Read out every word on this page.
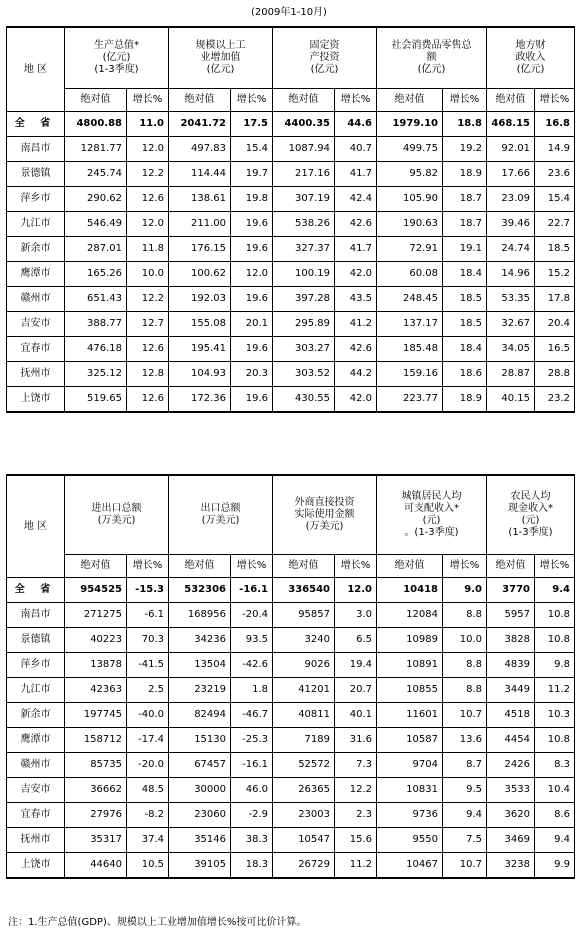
(2009年1-10月)
地 区	生产总值*
(亿元)
(1-3季度)		规模以上工
业增加值
(亿元)		固定资
产投资
(亿元)		社会消费品零售总
额
(亿元)		地方财
政收入
(亿元)	

	绝对值	增长%	绝对值	增长%	绝对值	增长%	绝对值	增长%	绝对值	增长%
全 省	4800.88	11.0	2041.72	17.5	4400.35	44.6	1979.10	18.8	468.15	16.8
南昌市	1281.77	12.0	497.83	15.4	1087.94	40.7	499.75	19.2	92.01	14.9
景德镇	245.74	12.2	114.44	19.7	217.16	41.7	95.82	18.9	17.66	23.6
萍乡市	290.62	12.6	138.61	19.8	307.19	42.4	105.90	18.7	23.09	15.4
九江市	546.49	12.0	211.00	19.6	538.26	42.6	190.63	18.7	39.46	22.7
新余市	287.01	11.8	176.15	19.6	327.37	41.7	72.91	19.1	24.74	18.5
鹰潭市	165.26	10.0	100.62	12.0	100.19	42.0	60.08	18.4	14.96	15.2
赣州市	651.43	12.2	192.03	19.6	397.28	43.5	248.45	18.5	53.35	17.8
吉安市	388.77	12.7	155.08	20.1	295.89	41.2	137.17	18.5	32.67	20.4
宜春市	476.18	12.6	195.41	19.6	303.27	42.6	185.48	18.4	34.05	16.5
抚州市	325.12	12.8	104.93	20.3	303.52	44.2	159.16	18.6	28.87	28.8
上饶市	519.65	12.6	172.36	19.6	430.55	42.0	223.77	18.9	40.15	23.2
地 区	进出口总额
(万美元)		出口总额
(万美元)		外商直接投资
实际使用金额
(万美元)		城镇居民人均
可支配收入*
(元)
。(1-3季度)		农民人均
现金收入*
(元)
(1-3季度)	

	绝对值	增长%	绝对值	增长%	绝对值	增长%	绝对值	增长%	绝对值	增长%
全 省	954525	-15.3	532306	-16.1	336540	12.0	10418	9.0	3770	9.4
南昌市	271275	-6.1	168956	-20.4	95857	3.0	12084	8.8	5957	10.8
景德镇	40223	70.3	34236	93.5	3240	6.5	10989	10.0	3828	10.8
萍乡市	13878	-41.5	13504	-42.6	9026	19.4	10891	8.8	4839	9.8
九江市	42363	2.5	23219	1.8	41201	20.7	10855	8.8	3449	11.2
新余市	197745	-40.0	82494	-46.7	40811	40.1	11601	10.7	4518	10.3
鹰潭市	158712	-17.4	15130	-25.3	7189	31.6	10587	13.6	4454	10.8
赣州市	85735	-20.0	67457	-16.1	52572	7.3	9704	8.7	2426	8.3
吉安市	36662	48.5	30000	46.0	26365	12.2	10831	9.5	3533	10.4
宜春市	27976	-8.2	23060	-2.9	23003	2.3	9736	9.4	3620	8.6
抚州市	35317	37.4	35146	38.3	10547	15.6	9550	7.5	3469	9.4
上饶市	44640	10.5	39105	18.3	26729	11.2	10467	10.7	3238	9.9
注：1.生产总值(GDP)、规模以上工业增加值增长%按可比价计算。
